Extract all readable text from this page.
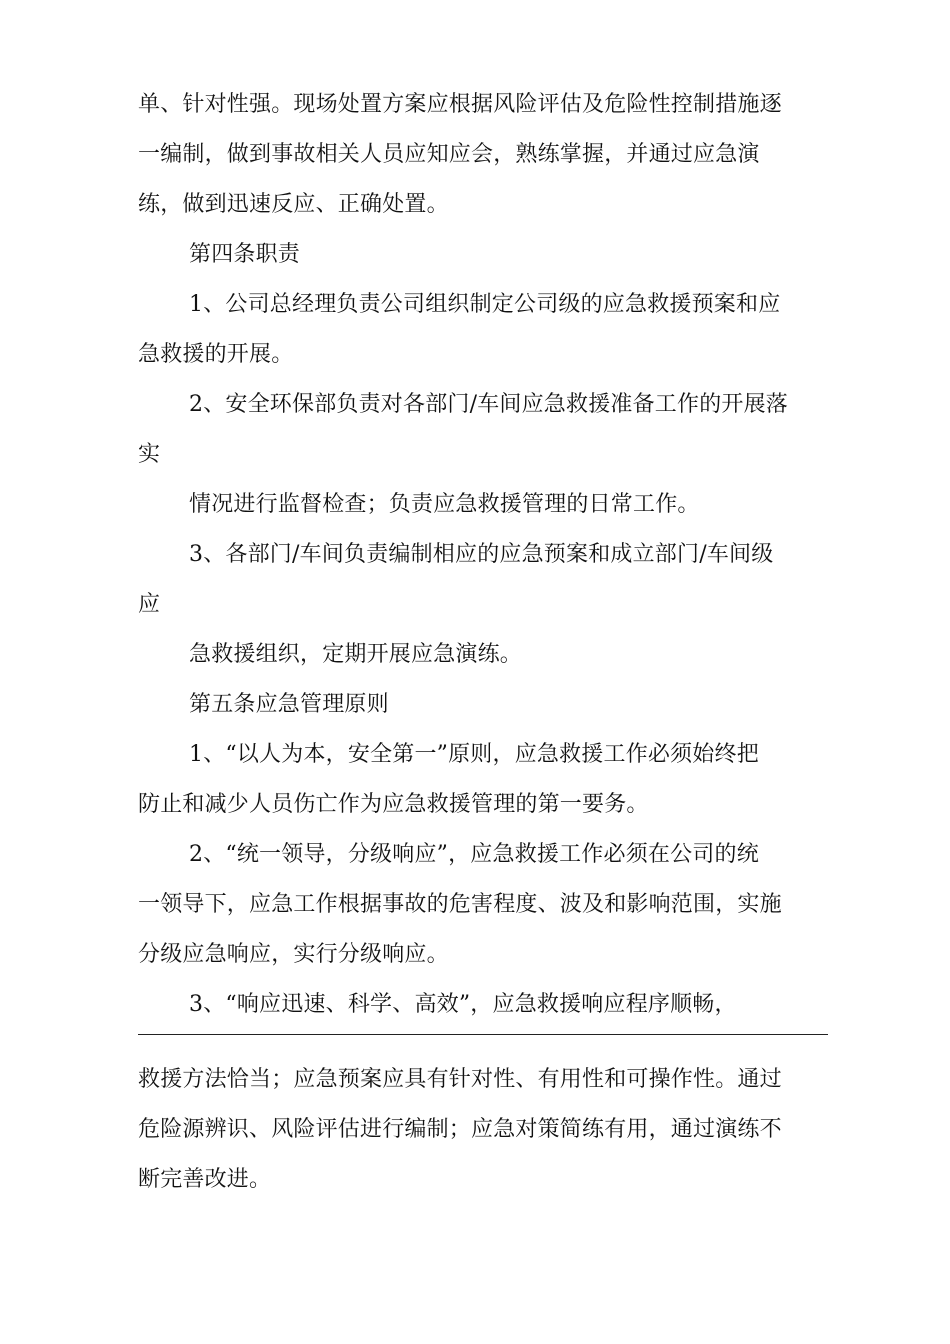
单、针对性强。现场处置方案应根据风险评估及危险性控制措施逐
一编制，做到事故相关人员应知应会，熟练掌握，并通过应急演
练，做到迅速反应、正确处置。
第四条职责
1、公司总经理负责公司组织制定公司级的应急救援预案和应
急救援的开展。
2、安全环保部负责对各部门/车间应急救援准备工作的开展落
实
情况进行监督检查；负责应急救援管理的日常工作。
3、各部门/车间负责编制相应的应急预案和成立部门/车间级
应
急救援组织，定期开展应急演练。
第五条应急管理原则
1、“以人为本，安全第一”原则，应急救援工作必须始终把
防止和减少人员伤亡作为应急救援管理的第一要务。
2、“统一领导，分级响应”，应急救援工作必须在公司的统
一领导下，应急工作根据事故的危害程度、波及和影响范围，实施
分级应急响应，实行分级响应。
3、“响应迅速、科学、高效”，应急救援响应程序顺畅，
救援方法恰当；应急预案应具有针对性、有用性和可操作性。通过
危险源辨识、风险评估进行编制；应急对策简练有用，通过演练不
断完善改进。
